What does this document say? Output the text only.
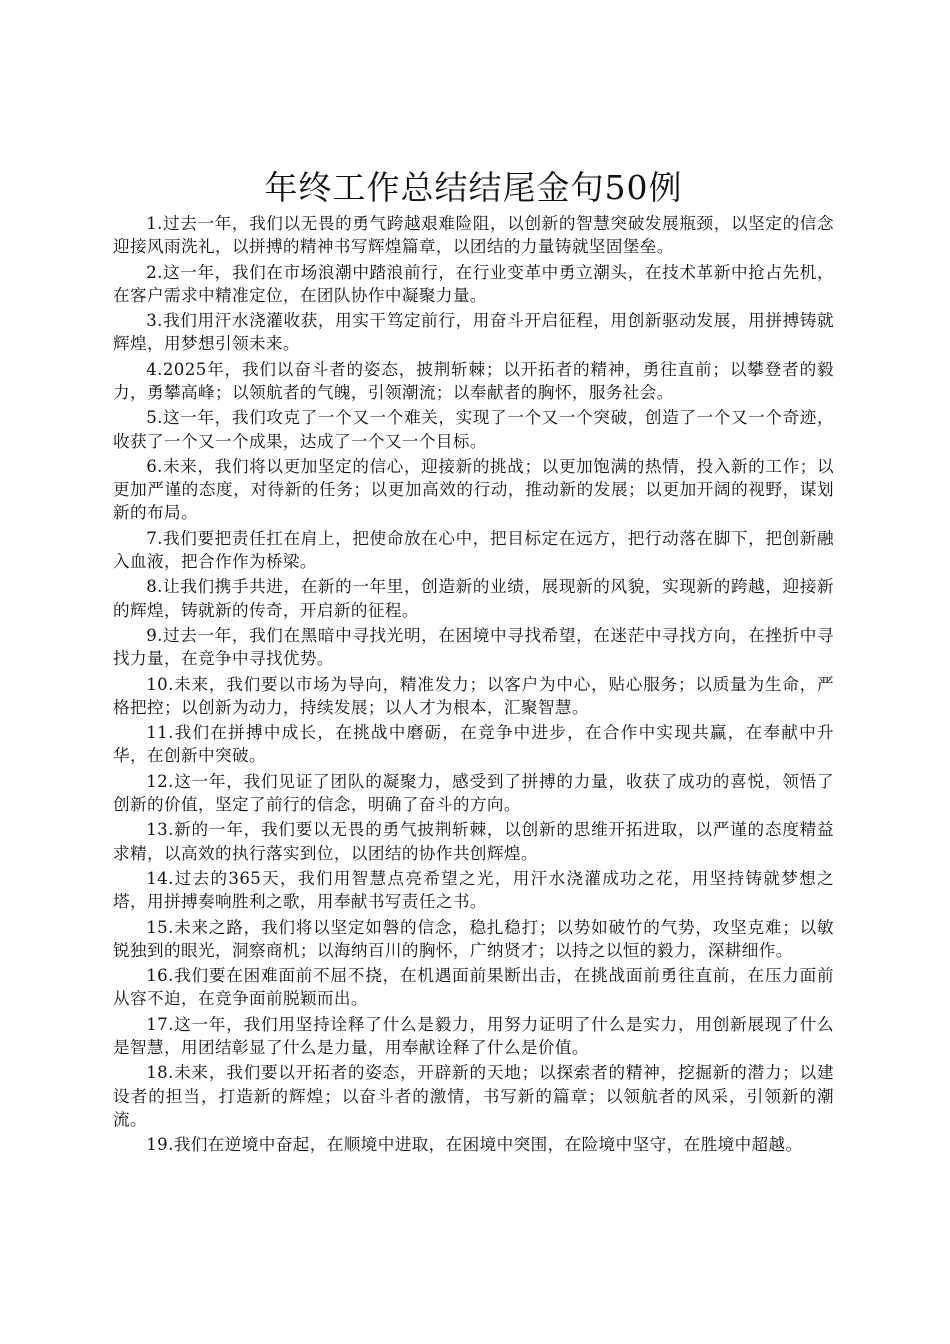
年终工作总结结尾金句50例

1.过去一年，我们以无畏的勇气跨越艰难险阻，以创新的智慧突破发展瓶颈，以坚定的信念迎接风雨洗礼，以拼搏的精神书写辉煌篇章，以团结的力量铸就坚固堡垒。

2.这一年，我们在市场浪潮中踏浪前行，在行业变革中勇立潮头，在技术革新中抢占先机，在客户需求中精准定位，在团队协作中凝聚力量。

3.我们用汗水浇灌收获，用实干笃定前行，用奋斗开启征程，用创新驱动发展，用拼搏铸就辉煌，用梦想引领未来。

4.2025年，我们以奋斗者的姿态，披荆斩棘；以开拓者的精神，勇往直前；以攀登者的毅力，勇攀高峰；以领航者的气魄，引领潮流；以奉献者的胸怀，服务社会。

5.这一年，我们攻克了一个又一个难关，实现了一个又一个突破，创造了一个又一个奇迹，收获了一个又一个成果，达成了一个又一个目标。

6.未来，我们将以更加坚定的信心，迎接新的挑战；以更加饱满的热情，投入新的工作；以更加严谨的态度，对待新的任务；以更加高效的行动，推动新的发展；以更加开阔的视野，谋划新的布局。

7.我们要把责任扛在肩上，把使命放在心中，把目标定在远方，把行动落在脚下，把创新融入血液，把合作作为桥梁。

8.让我们携手共进，在新的一年里，创造新的业绩，展现新的风貌，实现新的跨越，迎接新的辉煌，铸就新的传奇，开启新的征程。

9.过去一年，我们在黑暗中寻找光明，在困境中寻找希望，在迷茫中寻找方向，在挫折中寻找力量，在竞争中寻找优势。

10.未来，我们要以市场为导向，精准发力；以客户为中心，贴心服务；以质量为生命，严格把控；以创新为动力，持续发展；以人才为根本，汇聚智慧。

11.我们在拼搏中成长，在挑战中磨砺，在竞争中进步，在合作中实现共赢，在奉献中升华，在创新中突破。

12.这一年，我们见证了团队的凝聚力，感受到了拼搏的力量，收获了成功的喜悦，领悟了创新的价值，坚定了前行的信念，明确了奋斗的方向。

13.新的一年，我们要以无畏的勇气披荆斩棘，以创新的思维开拓进取，以严谨的态度精益求精，以高效的执行落实到位，以团结的协作共创辉煌。

14.过去的365天，我们用智慧点亮希望之光，用汗水浇灌成功之花，用坚持铸就梦想之塔，用拼搏奏响胜利之歌，用奉献书写责任之书。

15.未来之路，我们将以坚定如磐的信念，稳扎稳打；以势如破竹的气势，攻坚克难；以敏锐独到的眼光，洞察商机；以海纳百川的胸怀，广纳贤才；以持之以恒的毅力，深耕细作。

16.我们要在困难面前不屈不挠，在机遇面前果断出击，在挑战面前勇往直前，在压力面前从容不迫，在竞争面前脱颖而出。

17.这一年，我们用坚持诠释了什么是毅力，用努力证明了什么是实力，用创新展现了什么是智慧，用团结彰显了什么是力量，用奉献诠释了什么是价值。

18.未来，我们要以开拓者的姿态，开辟新的天地；以探索者的精神，挖掘新的潜力；以建设者的担当，打造新的辉煌；以奋斗者的激情，书写新的篇章；以领航者的风采，引领新的潮流。

19.我们在逆境中奋起，在顺境中进取，在困境中突围，在险境中坚守，在胜境中超越。
